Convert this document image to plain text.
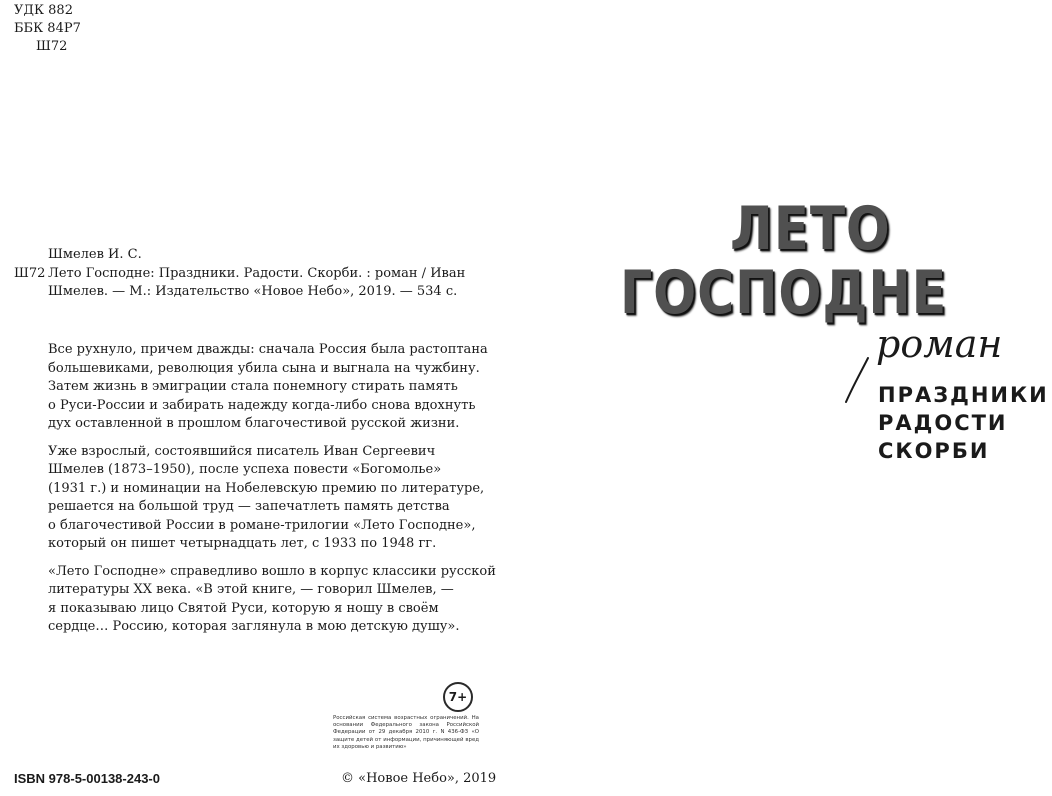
УДК 882
ББК 84Р7
Ш72
Шмелев И. С.
Ш72 Лето Господне: Праздники. Радости. Скорби. : роман / Иван
Шмелев. — М.: Издательство «Новое Небо», 2019. — 534 с.

Все рухнуло, причем дважды: сначала Россия была растоптана
большевиками, революция убила сына и выгнала на чужбину.
Затем жизнь в эмиграции стала понемногу стирать память
о Руси-России и забирать надежду когда-либо снова вдохнуть
дух оставленной в прошлом благочестивой русской жизни.

Уже взрослый, состоявшийся писатель Иван Сергеевич
Шмелев (1873–1950), после успеха повести «Богомолье»
(1931 г.) и номинации на Нобелевскую премию по литературе,
решается на большой труд — запечатлеть память детства
о благочестивой России в романе-трилогии «Лето Господне»,
который он пишет четырнадцать лет, с 1933 по 1948 гг.

«Лето Господне» справедливо вошло в корпус классики русской
литературы XX века. «В этой книге, — говорил Шмелев, —
я показываю лицо Святой Руси, которую я ношу в своём
сердце… Россию, которая заглянула в мою детскую душу».

7+
Российская система возрастных ограничений. На основании Федерального закона Российской Федерации от 29 декабря 2010 г. N 436-ФЗ «О защите детей от информации, причиняющей вред их здоровью и развитию»
ISBN 978-5-00138-243-0	© «Новое Небо», 2019
ЛЕТО
ГОСПОДНЕ
роман
ПРАЗДНИКИ
РАДОСТИ
СКОРБИ
